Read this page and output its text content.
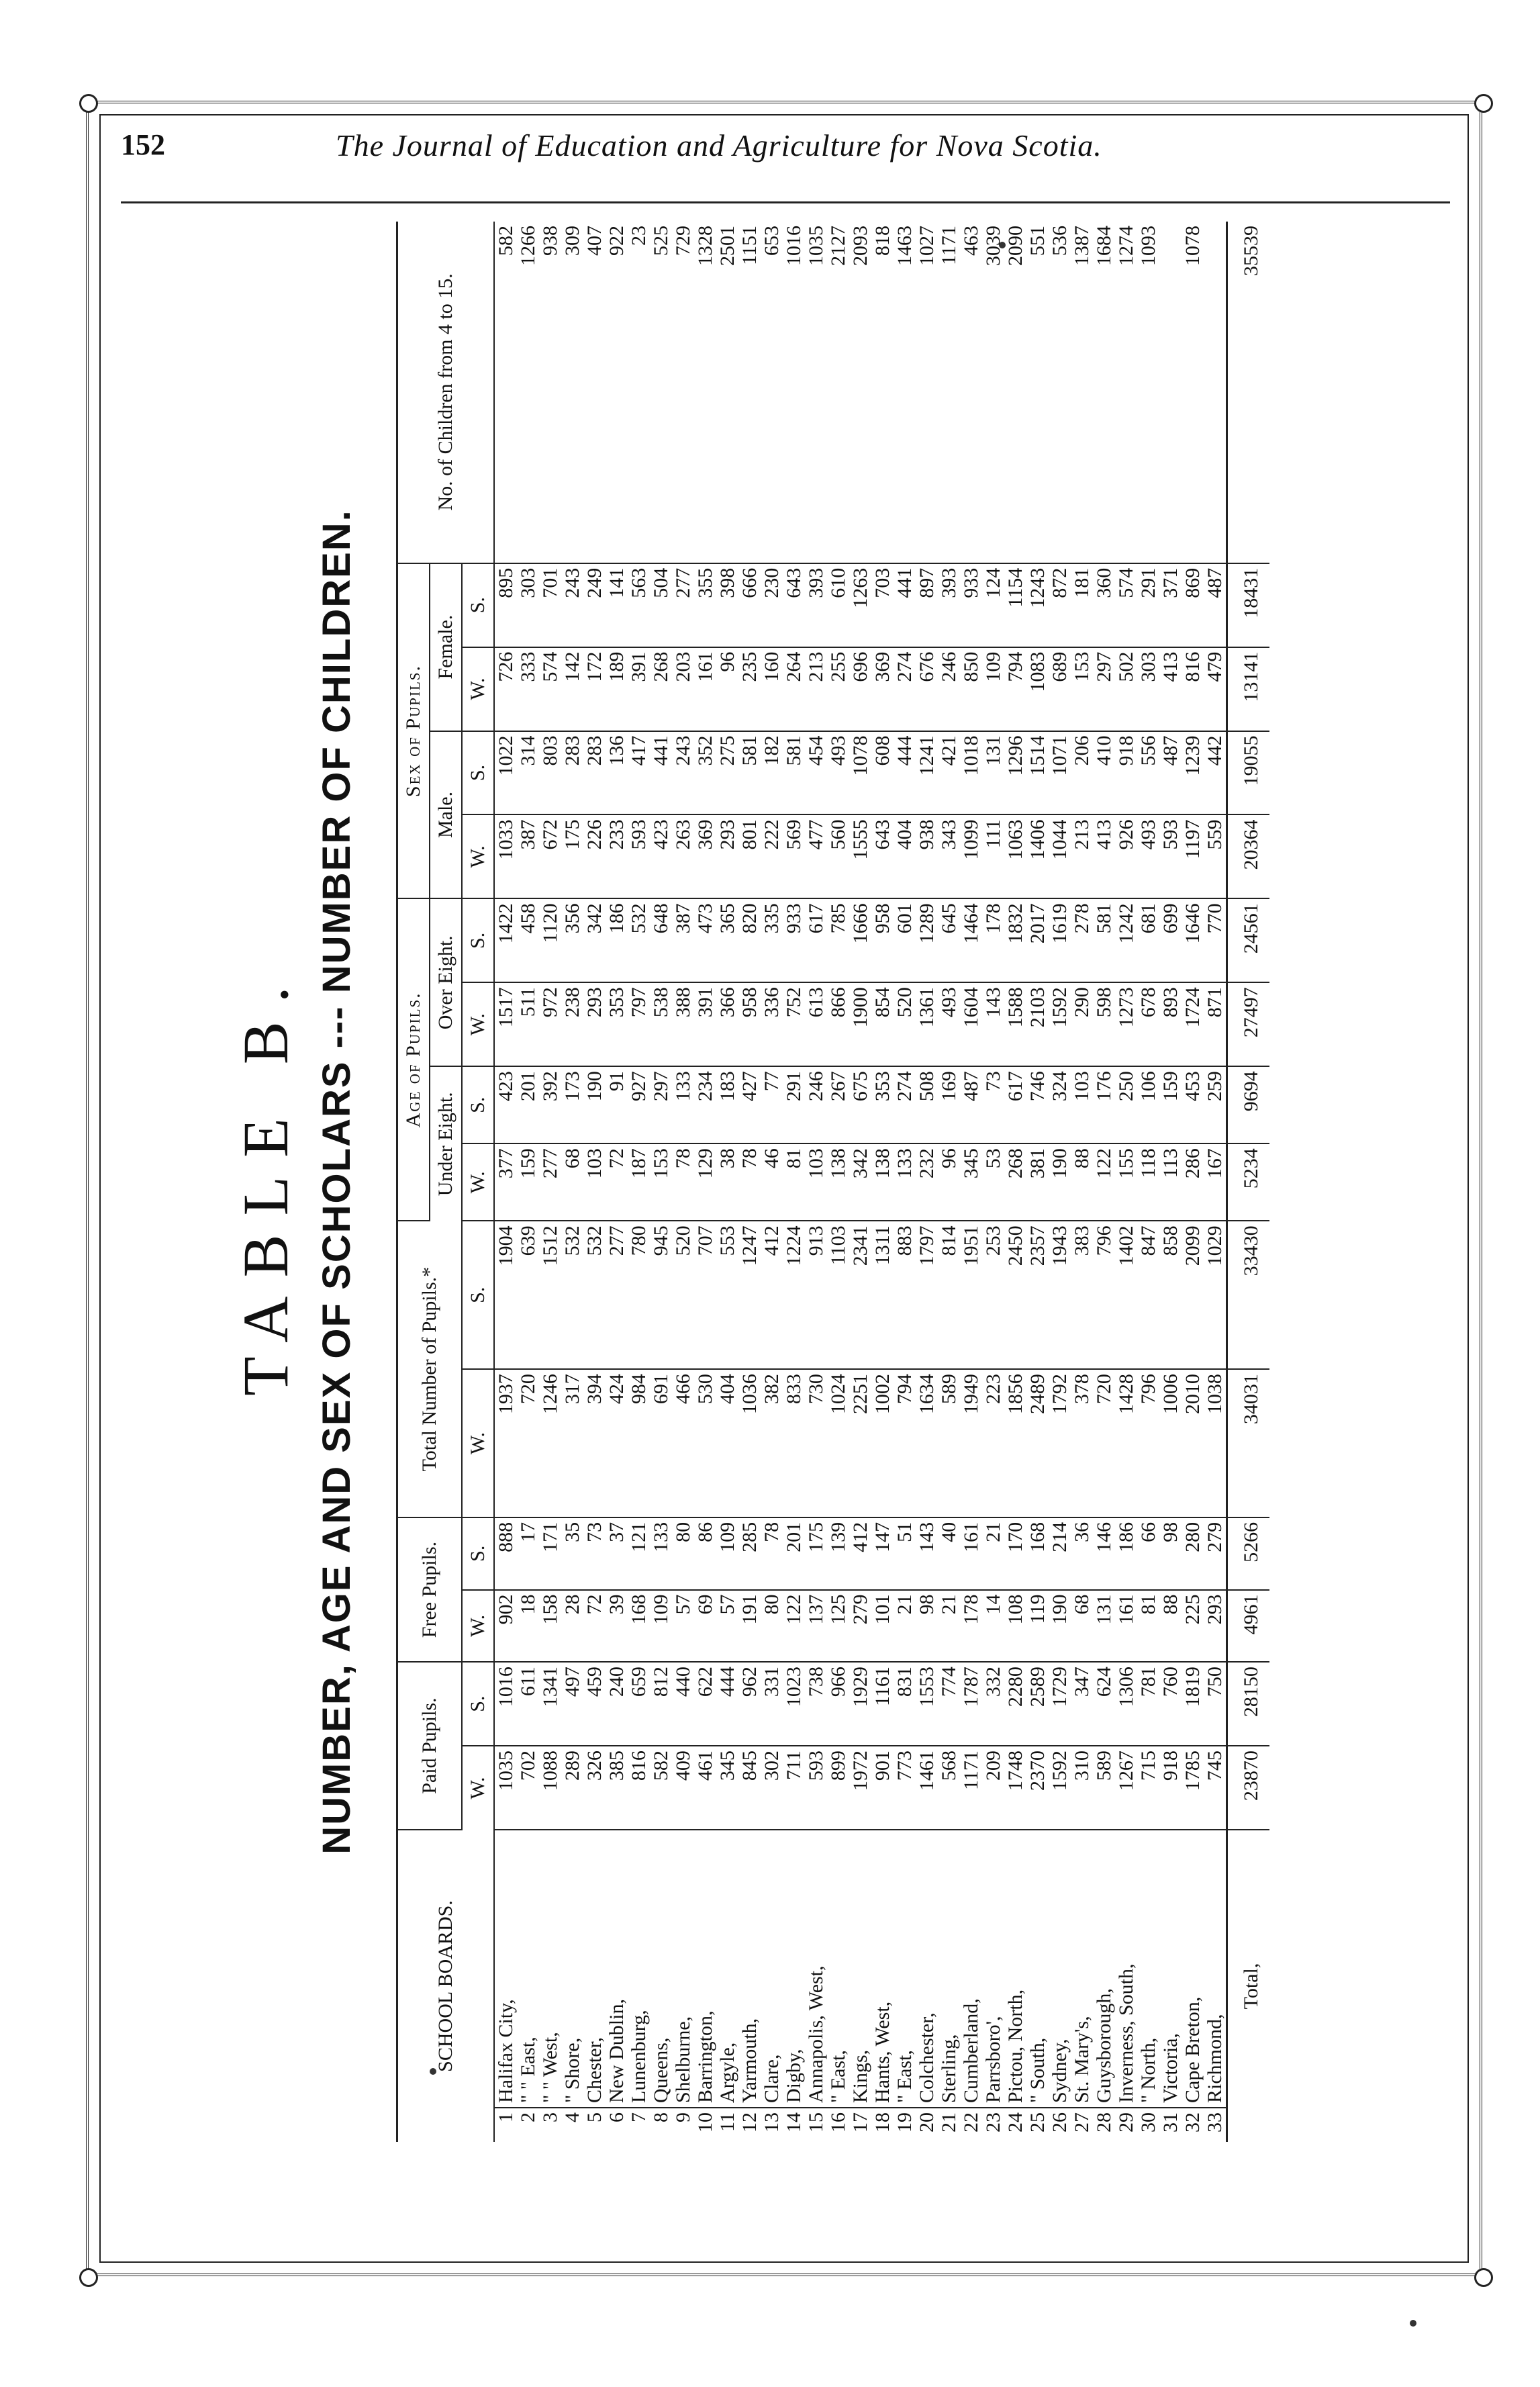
152	The Journal of Education and Agriculture for Nova Scotia.
TABLE B. NUMBER, AGE AND SEX OF SCHOLARS --- NUMBER OF CHILDREN.
SCHOOL BOARDS.		Paid Pupils.		Free Pupils.		Total Number of Pupils.*		Age of Pupils.				Sex of Pupils.				No. of Children from 4 to 15.
								Under Eight.		Over Eight.		Male.		Female.		
		W.	S.	W.	S.	W.	S.	W.	S.	W.	S.	W.	S.	W.	S.	
1	Halifax City,	1035	1016	902	888	1937	1904	377	423	1517	1422	1033	1022	726	895	582
2	" " East,	702	611	18	17	720	639	159	201	511	458	387	314	333	303	1266
3	" " West,	1088	1341	158	171	1246	1512	277	392	972	1120	672	803	574	701	938
4	" Shore,	289	497	28	35	317	532	68	173	238	356	175	283	142	243	309
5	Chester,	326	459	72	73	394	532	103	190	293	342	226	283	172	249	407
6	New Dublin,	385	240	39	37	424	277	72	91	353	186	233	136	189	141	922
7	Lunenburg,	816	659	168	121	984	780	187	927	797	532	593	417	391	563	23
8	Queens,	582	812	109	133	691	945	153	297	538	648	423	441	268	504	525
9	Shelburne,	409	440	57	80	466	520	78	133	388	387	263	243	203	277	729
10	Barrington,	461	622	69	86	530	707	129	234	391	473	369	352	161	355	1328
11	Argyle,	345	444	57	109	404	553	38	183	366	365	293	275	96	398	2501
12	Yarmouth,	845	962	191	285	1036	1247	78	427	958	820	801	581	235	666	1151
13	Clare,	302	331	80	78	382	412	46	77	336	335	222	182	160	230	653
14	Digby,	711	1023	122	201	833	1224	81	291	752	933	569	581	264	643	1016
15	Annapolis, West,	593	738	137	175	730	913	103	246	613	617	477	454	213	393	1035
16	" East,	899	966	125	139	1024	1103	138	267	866	785	560	493	255	610	2127
17	Kings,	1972	1929	279	412	2251	2341	342	675	1900	1666	1555	1078	696	1263	2093
18	Hants, West,	901	1161	101	147	1002	1311	138	353	854	958	643	608	369	703	818
19	" East,	773	831	21	51	794	883	133	274	520	601	404	444	274	441	1463
20	Colchester,	1461	1553	98	143	1634	1797	232	508	1361	1289	938	1241	676	897	1027
21	Sterling,	568	774	21	40	589	814	96	169	493	645	343	421	246	393	1171
22	Cumberland,	1171	1787	178	161	1949	1951	345	487	1604	1464	1099	1018	850	933	463
23	Parrsboro',	209	332	14	21	223	253	53	73	143	178	111	131	109	124	3039
24	Pictou, North,	1748	2280	108	170	1856	2450	268	617	1588	1832	1063	1296	794	1154	2090
25	" South,	2370	2589	119	168	2489	2357	381	746	2103	2017	1406	1514	1083	1243	551
26	Sydney,	1592	1729	190	214	1792	1943	190	324	1592	1619	1044	1071	689	872	536
27	St. Mary's,	310	347	68	36	378	383	88	103	290	278	213	206	153	181	1387
28	Guysborough,	589	624	131	146	720	796	122	176	598	581	413	410	297	360	1684
29	Inverness, South,	1267	1306	161	186	1428	1402	155	250	1273	1242	926	918	502	574	1274
30	" North,	715	781	81	66	796	847	118	106	678	681	493	556	303	291	1093
31	Victoria,	918	760	88	98	1006	858	113	159	893	699	593	487	413	371	
32	Cape Breton,	1785	1819	225	280	2010	2099	286	453	1724	1646	1197	1239	816	869	1078
33	Richmond,	745	750	293	279	1038	1029	167	259	871	770	559	442	479	487	
Total,		23870	28150	4961	5266	34031	33430	5234	9694	27497	24561	20364	19055	13141	18431	35539
